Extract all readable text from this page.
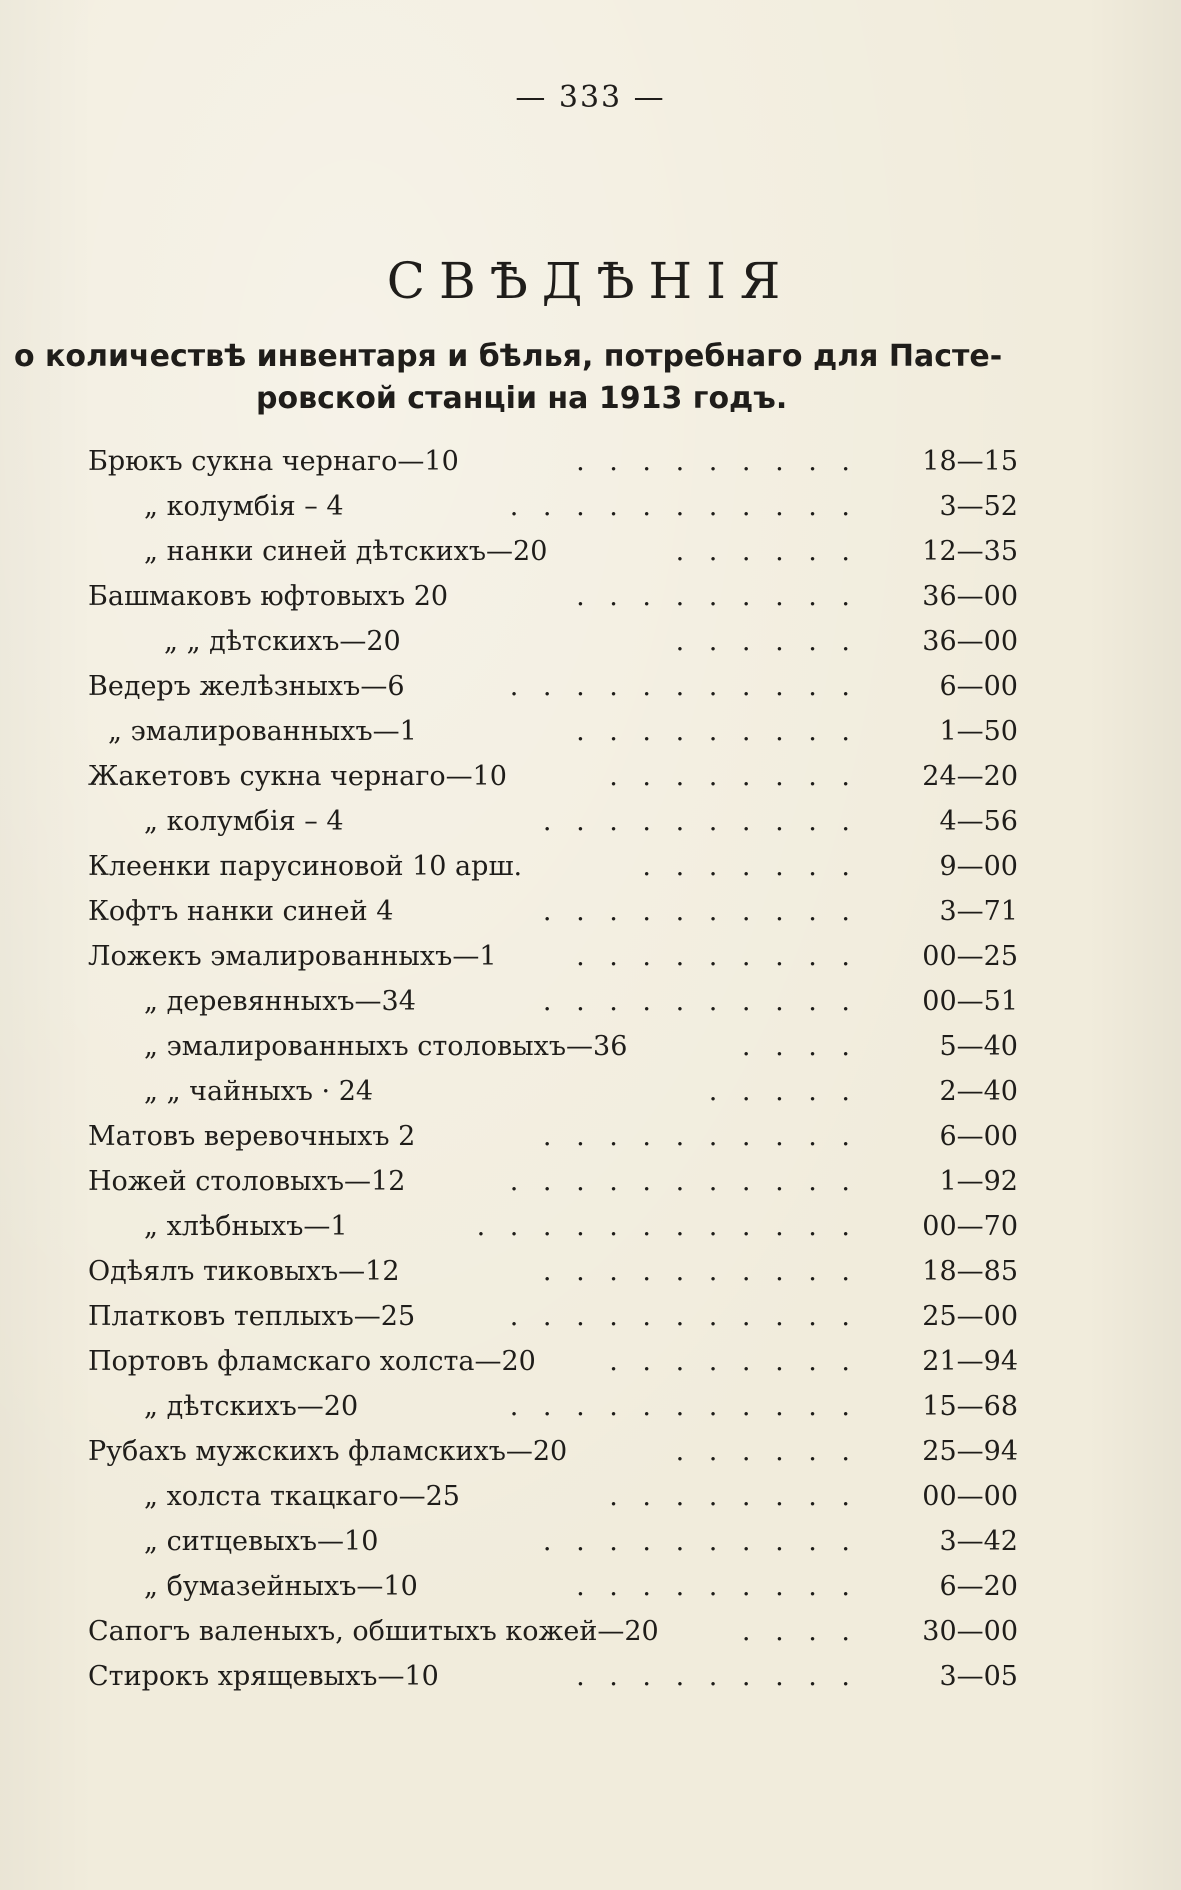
— 333 —
СВѢДѢНІЯ
о количествѣ инвентаря и бѣлья, потребнаго для Пасте-
ровской станціи на 1913 годъ.
Брюкъ сукна чернаго—10	. . . . . . . . .	18—15
„ колумбія – 4	. . . . . . . . . . .	3—52
„ нанки синей дѣтскихъ—20	. . . . . .	12—35
Башмаковъ юфтовыхъ 20	. . . . . . . . .	36—00
„ „ дѣтскихъ—20	. . . . . .	36—00
Ведеръ желѣзныхъ—6	. . . . . . . . . . .	6—00
„ эмалированныхъ—1	. . . . . . . . .	1—50
Жакетовъ сукна чернаго—10	. . . . . . . .	24—20
„ колумбія – 4	. . . . . . . . . .	4—56
Клеенки парусиновой 10 арш.	. . . . . . .	9—00
Кофтъ нанки синей 4	. . . . . . . . . .	3—71
Ложекъ эмалированныхъ—1	. . . . . . . . .	00—25
„ деревянныхъ—34	. . . . . . . . . .	00—51
„ эмалированныхъ столовыхъ—36	. . . .	5—40
„ „ чайныхъ · 24	. . . . .	2—40
Матовъ веревочныхъ 2	. . . . . . . . . .	6—00
Ножей столовыхъ—12	. . . . . . . . . . .	1—92
„ хлѣбныхъ—1	. . . . . . . . . . . .	00—70
Одѣялъ тиковыхъ—12	. . . . . . . . . .	18—85
Платковъ теплыхъ—25	. . . . . . . . . . .	25—00
Портовъ фламскаго холста—20	. . . . . . . .	21—94
„ дѣтскихъ—20	. . . . . . . . . . .	15—68
Рубахъ мужскихъ фламскихъ—20	. . . . . .	25—94
„ холста ткацкаго—25	. . . . . . . .	00—00
„ ситцевыхъ—10	. . . . . . . . . .	3—42
„ бумазейныхъ—10	. . . . . . . . .	6—20
Сапогъ валеныхъ, обшитыхъ кожей—20	. . . .	30—00
Стирокъ хрящевыхъ—10	. . . . . . . . .	3—05
